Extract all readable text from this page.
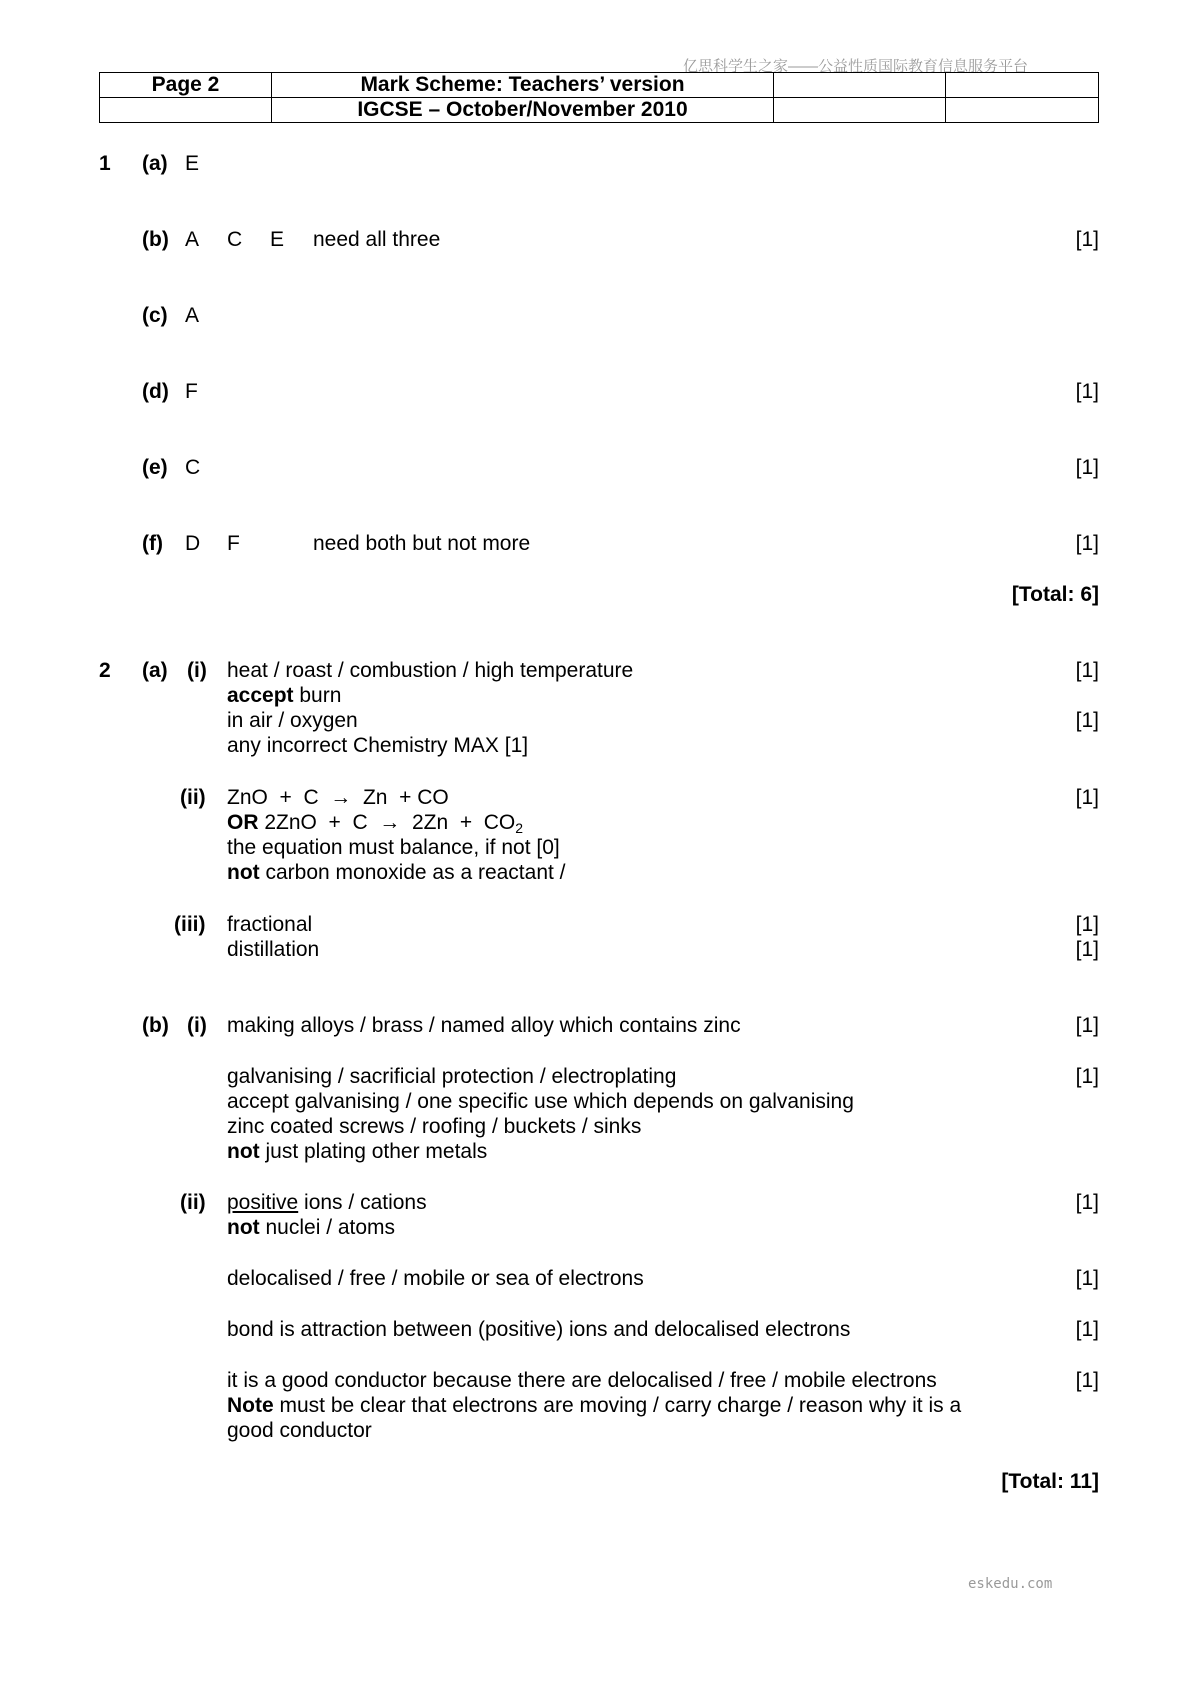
亿思科学生之家——公益性质国际教育信息服务平台
Page 2	Mark Scheme: Teachers’ version		
	IGCSE – October/November 2010		
1 (a) E
(b) A C E need all three	[1]
(c) A
(d) F	[1]
(e) C	[1]
(f) D F	need both but not more	[1]
[Total: 6]
2 (a) (i) heat / roast / combustion / high temperature	[1]
accept burn
in air / oxygen	[1]
any incorrect Chemistry MAX [1]
(ii) ZnO  +  C  →  Zn  + CO	[1]
OR $2ZnO + C \to 2Zn + CO_2$
the equation must balance, if not [0]
not carbon monoxide as a reactant /
(iii) fractional	[1]
distillation	[1]
(b) (i) making alloys / brass / named alloy which contains zinc	[1]
galvanising / sacrificial protection / electroplating	[1]
accept galvanising / one specific use which depends on galvanising
zinc coated screws / roofing / buckets / sinks
not just plating other metals
(ii) positive ions / cations	[1]
not nuclei / atoms
delocalised / free / mobile or sea of electrons	[1]
bond is attraction between (positive) ions and delocalised electrons	[1]
it is a good conductor because there are delocalised / free / mobile electrons	[1]
Note must be clear that electrons are moving / carry charge / reason why it is a
good conductor
[Total: 11]
eskedu.com
